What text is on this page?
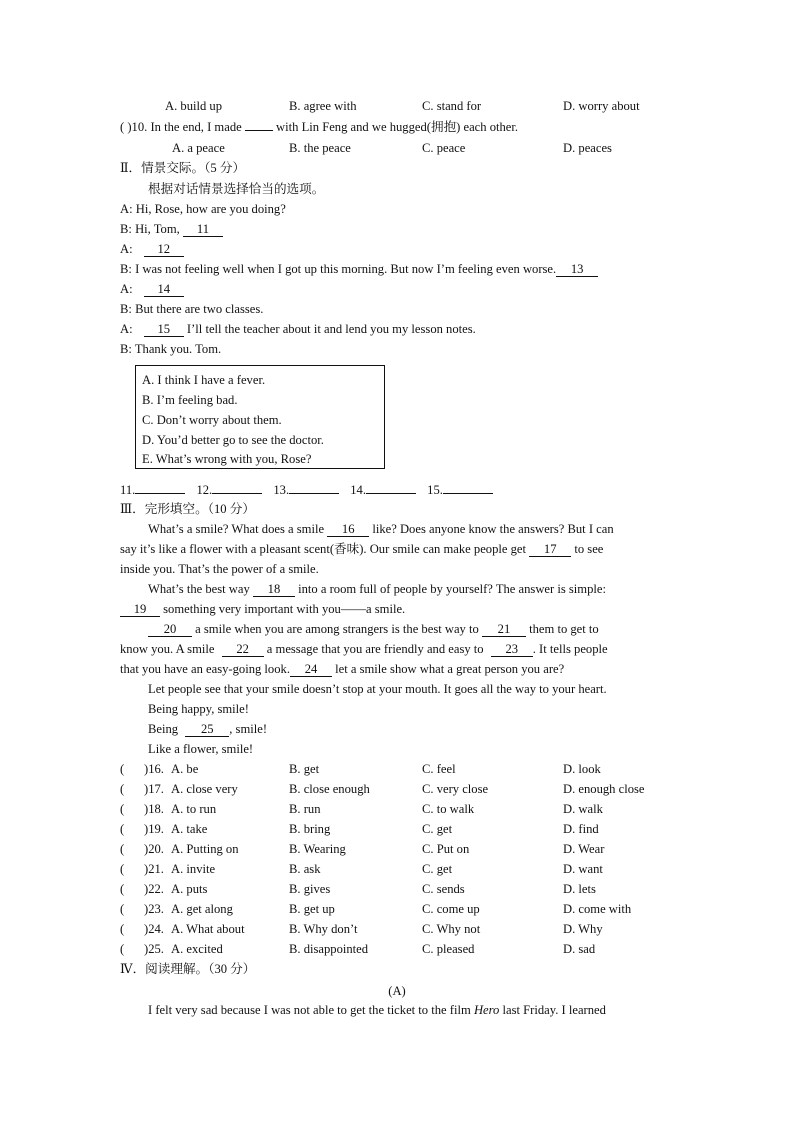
A. build up	B. agree with	C. stand for	D. worry about
( )10. In the end, I made	with Lin Feng and we hugged(拥抱) each other.
A. a peace	B. the peace	C. peace	D. peaces
Ⅱ．情景交际。（5 分）
根据对话情景选择恰当的选项。
A: Hi, Rose, how are you doing?
B: Hi, Tom, 11
A: 12
B: I was not feeling well when I got up this morning. But now I’m feeling even worse. 13
A: 14
B: But there are two classes.
A: 15 I’ll tell the teacher about it and lend you my lesson notes.
B: Thank you. Tom.
A. I think I have a fever.
B. I’m feeling bad.
C. Don’t worry about them.
D. You’d better go to see the doctor.
E. What’s wrong with you, Rose?
11.	12.	13.	14.	15.
Ⅲ．完形填空。（10 分）
What’s a smile? What does a smile 16 like? Does anyone know the answers? But I can
say it’s like a flower with a pleasant scent(香味). Our smile can make people get 17 to see
inside you. That’s the power of a smile.
What’s the best way 18 into a room full of people by yourself? The answer is simple:
19 something very important with you——a smile.
20 a smile when you are among strangers is the best way to 21 them to get to
know you. A smile 22 a message that you are friendly and easy to 23 . It tells people
that you have an easy-going look. 24 let a smile show what a great person you are?
Let people see that your smile doesn’t stop at your mouth. It goes all the way to your heart.
Being happy, smile!
Being 25 , smile!
Like a flower, smile!
( )16. A. be	B. get	C. feel	D. look
( )17. A. close very	B. close enough	C. very close	D. enough close
( )18. A. to run	B. run	C. to walk	D. walk
( )19. A. take	B. bring	C. get	D. find
( )20. A. Putting on	B. Wearing	C. Put on	D. Wear
( )21. A. invite	B. ask	C. get	D. want
( )22. A. puts	B. gives	C. sends	D. lets
( )23. A. get along	B. get up	C. come up	D. come with
( )24. A. What about	B. Why don’t	C. Why not	D. Why
( )25. A. excited	B. disappointed	C. pleased	D. sad
Ⅳ．阅读理解。（30 分）
(A)
I felt very sad because I was not able to get the ticket to the film Hero last Friday. I learned
